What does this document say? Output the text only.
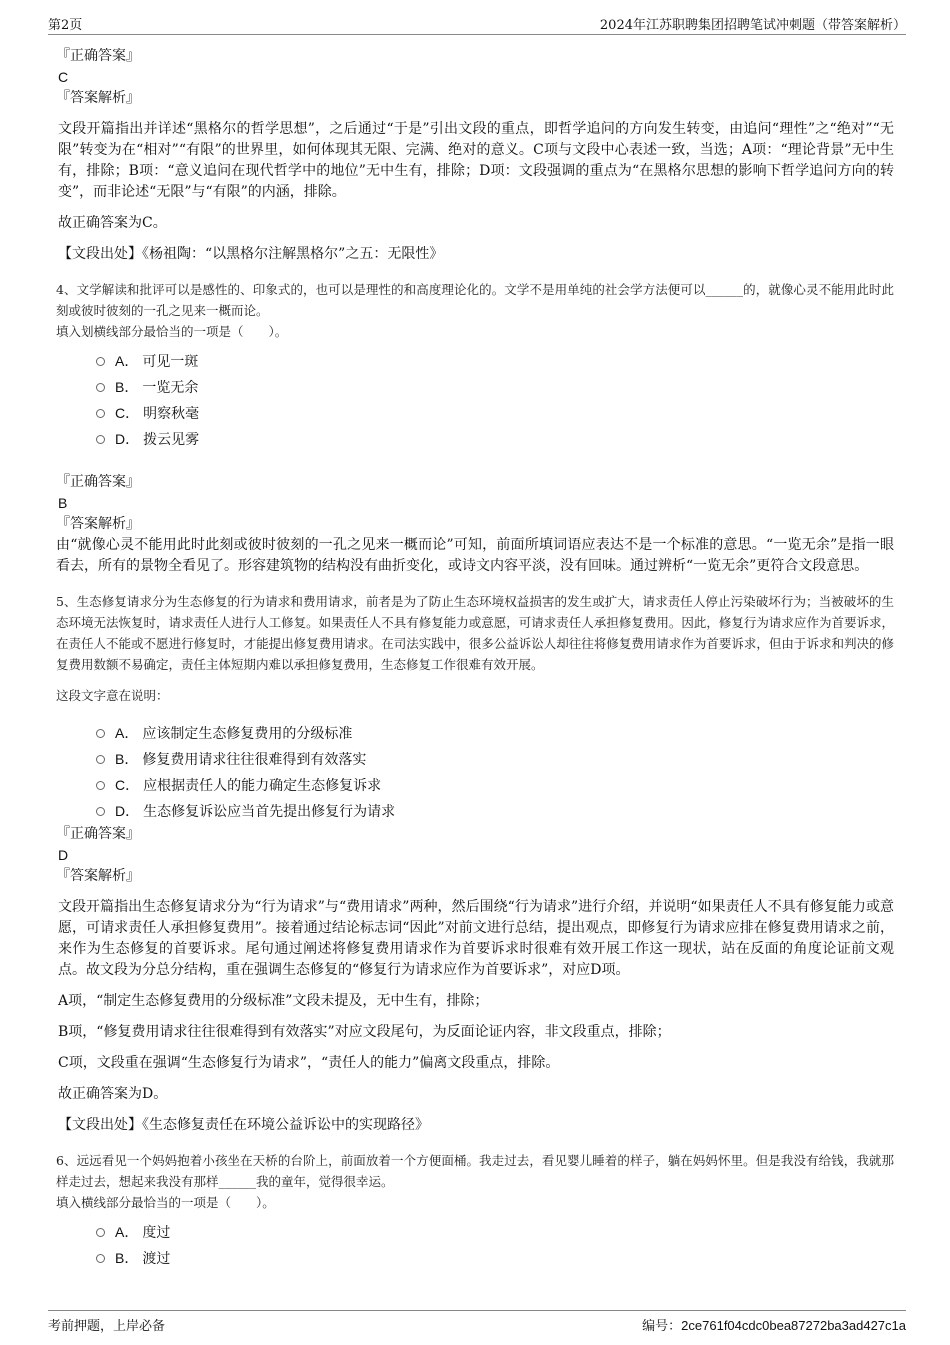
第2页	2024年江苏职聘集团招聘笔试冲刺题（带答案解析）

『正确答案』

C

『答案解析』

文段开篇指出并详述“黑格尔的哲学思想”，之后通过“于是”引出文段的重点，即哲学追问的方向发生转变，由追问“理性”之“绝对”“无限”转变为在“相对”“有限”的世界里，如何体现其无限、完满、绝对的意义。C项与文段中心表述一致，当选；A项：“理论背景”无中生有，排除；B项：“意义追问在现代哲学中的地位”无中生有，排除；D项：文段强调的重点为“在黑格尔思想的影响下哲学追问方向的转变”，而非论述“无限”与“有限”的内涵，排除。

故正确答案为C。

【文段出处】《杨祖陶：“以黑格尔注解黑格尔”之五：无限性》

4、文学解读和批评可以是感性的、印象式的，也可以是理性的和高度理论化的。文学不是用单纯的社会学方法便可以______的，就像心灵不能用此时此刻或彼时彼刻的一孔之见来一概而论。

填入划横线部分最恰当的一项是（　　）。

A． 可见一斑
B． 一览无余
C． 明察秋毫
D． 拨云见雾

『正确答案』

B

『答案解析』

由“就像心灵不能用此时此刻或彼时彼刻的一孔之见来一概而论”可知，前面所填词语应表达不是一个标准的意思。“一览无余”是指一眼看去，所有的景物全看见了。形容建筑物的结构没有曲折变化，或诗文内容平淡，没有回味。通过辨析“一览无余”更符合文段意思。

5、生态修复请求分为生态修复的行为请求和费用请求，前者是为了防止生态环境权益损害的发生或扩大，请求责任人停止污染破坏行为；当被破坏的生态环境无法恢复时，请求责任人进行人工修复。如果责任人不具有修复能力或意愿，可请求责任人承担修复费用。因此，修复行为请求应作为首要诉求，在责任人不能或不愿进行修复时，才能提出修复费用请求。在司法实践中，很多公益诉讼人却往往将修复费用请求作为首要诉求，但由于诉求和判决的修复费用数额不易确定，责任主体短期内难以承担修复费用，生态修复工作很难有效开展。

这段文字意在说明：

A． 应该制定生态修复费用的分级标准
B． 修复费用请求往往很难得到有效落实
C． 应根据责任人的能力确定生态修复诉求
D． 生态修复诉讼应当首先提出修复行为请求

『正确答案』

D

『答案解析』

文段开篇指出生态修复请求分为“行为请求”与“费用请求”两种，然后围绕“行为请求”进行介绍，并说明“如果责任人不具有修复能力或意愿，可请求责任人承担修复费用”。接着通过结论标志词“因此”对前文进行总结，提出观点，即修复行为请求应排在修复费用请求之前，来作为生态修复的首要诉求。尾句通过阐述将修复费用请求作为首要诉求时很难有效开展工作这一现状，站在反面的角度论证前文观点。故文段为分总分结构，重在强调生态修复的“修复行为请求应作为首要诉求”，对应D项。

A项，“制定生态修复费用的分级标准”文段未提及，无中生有，排除；

B项，“修复费用请求往往很难得到有效落实”对应文段尾句，为反面论证内容，非文段重点，排除；

C项，文段重在强调“生态修复行为请求”，“责任人的能力”偏离文段重点，排除。

故正确答案为D。

【文段出处】《生态修复责任在环境公益诉讼中的实现路径》

6、远远看见一个妈妈抱着小孩坐在天桥的台阶上，前面放着一个方便面桶。我走过去，看见婴儿睡着的样子，躺在妈妈怀里。但是我没有给钱，我就那样走过去，想起来我没有那样______我的童年，觉得很幸运。

填入横线部分最恰当的一项是（　　）。

A． 度过
B． 渡过
考前押题，上岸必备	编号：2ce761f04cdc0bea87272ba3ad427c1a
